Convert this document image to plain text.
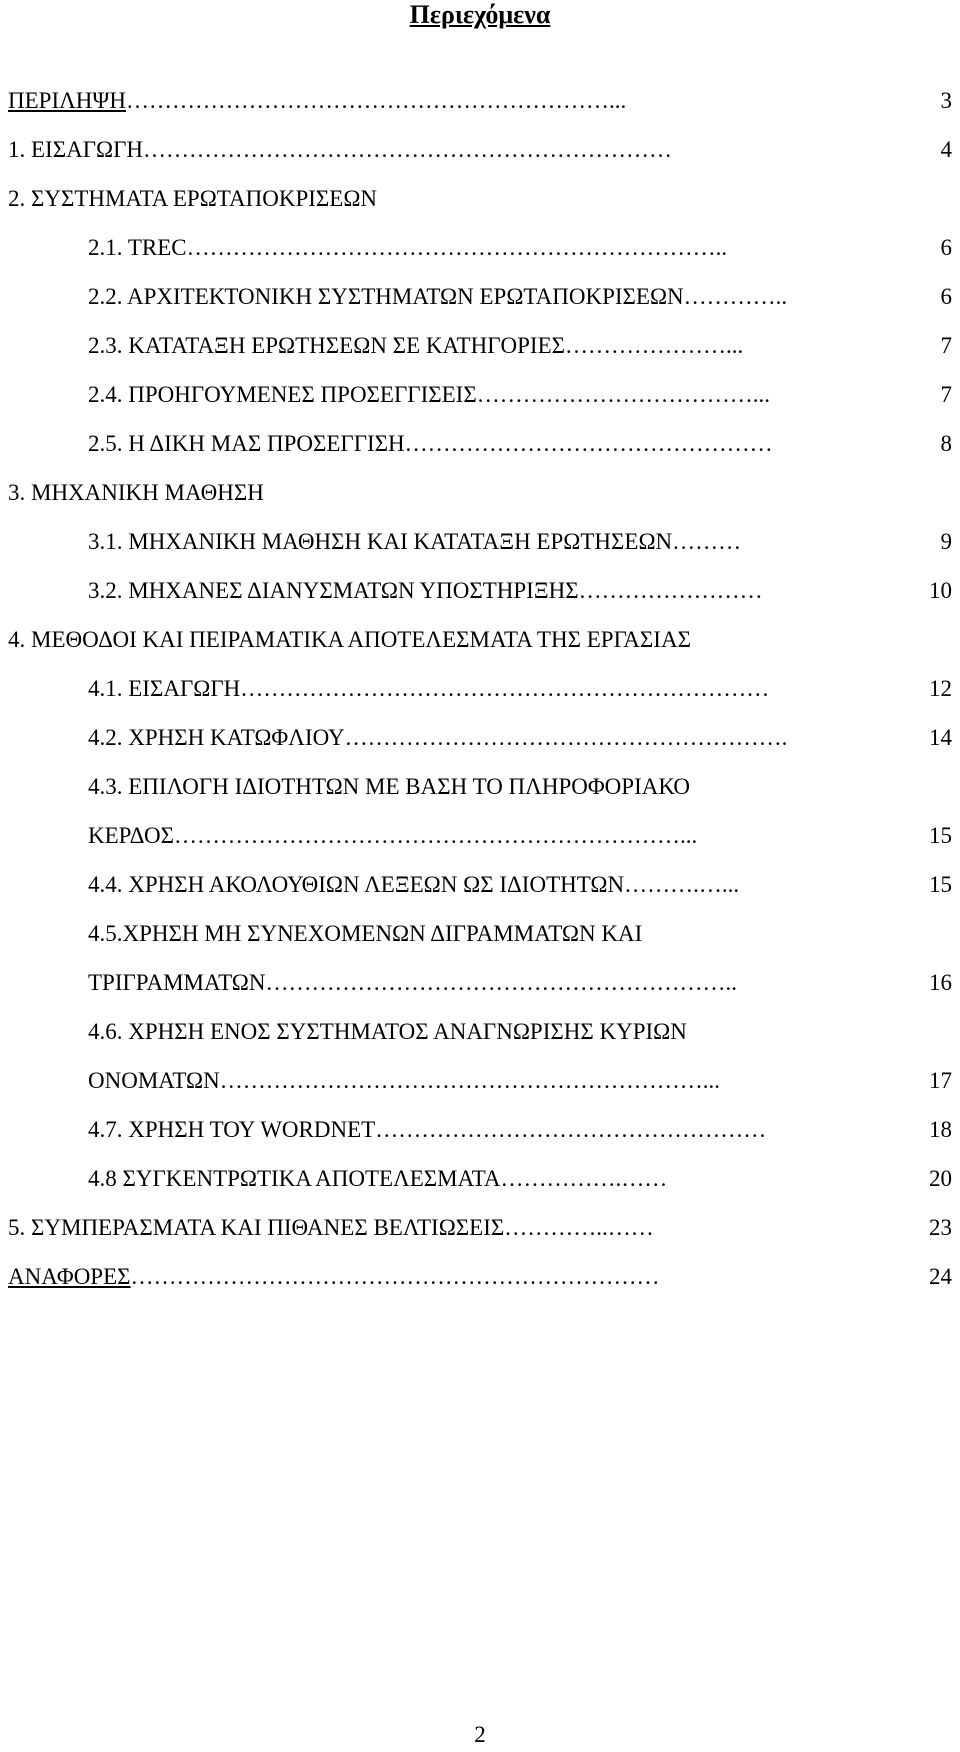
Περιεχόμενα
ΠΕΡΙΛΗΨΗ………………………………………………………...	3
1. ΕΙΣΑΓΩΓΗ……………………………………………………………	4
2. ΣΥΣΤΗΜΑΤΑ ΕΡΩΤΑΠΟΚΡΙΣΕΩΝ
2.1. TREC……………………………………………………………..	6
2.2. ΑΡΧΙΤΕΚΤΟΝΙΚΗ ΣΥΣΤΗΜΑΤΩΝ ΕΡΩΤΑΠΟΚΡΙΣΕΩΝ…………..	6
2.3. ΚΑΤΑΤΑΞΗ ΕΡΩΤΗΣΕΩΝ ΣΕ ΚΑΤΗΓΟΡΙΕΣ…………………...	7
2.4. ΠΡΟΗΓΟΥΜΕΝΕΣ ΠΡΟΣΕΓΓΙΣΕΙΣ………………………………...	7
2.5. Η ΔΙΚΗ ΜΑΣ ΠΡΟΣΕΓΓΙΣΗ…………………………………………	8
3. ΜΗΧΑΝΙΚΗ ΜΑΘΗΣΗ
3.1. ΜΗΧΑΝΙΚΗ ΜΑΘΗΣΗ ΚΑΙ ΚΑΤΑΤΑΞΗ ΕΡΩΤΗΣΕΩΝ………	9
3.2. ΜΗΧΑΝΕΣ ΔΙΑΝΥΣΜΑΤΩΝ ΥΠΟΣΤΗΡΙΞΗΣ……………………	10
4. ΜΕΘΟΔΟΙ ΚΑΙ ΠΕΙΡΑΜΑΤΙΚΑ ΑΠΟΤΕΛΕΣΜΑΤΑ ΤΗΣ ΕΡΓΑΣΙΑΣ
4.1. ΕΙΣΑΓΩΓΗ……………………………………………………………	12
4.2. ΧΡΗΣΗ ΚΑΤΩΦΛΙΟΥ………………………………………………….	14
4.3. ΕΠΙΛΟΓΗ ΙΔΙΟΤΗΤΩΝ ΜΕ ΒΑΣΗ ΤΟ ΠΛΗΡΟΦΟΡΙΑΚΟ
ΚΕΡΔΟΣ…………………………………………………………...	15
4.4. ΧΡΗΣΗ ΑΚΟΛΟΥΘΙΩΝ ΛΕΞΕΩΝ ΩΣ ΙΔΙΟΤΗΤΩΝ……….…...	15
4.5.ΧΡΗΣΗ ΜΗ ΣΥΝΕΧΟΜΕΝΩΝ ΔΙΓΡΑΜΜΑΤΩΝ ΚΑΙ
ΤΡΙΓΡΑΜΜΑΤΩΝ……………………………………………………..	16
4.6. ΧΡΗΣΗ ΕΝΟΣ ΣΥΣΤΗΜΑΤΟΣ ΑΝΑΓΝΩΡΙΣΗΣ ΚΥΡΙΩΝ
ΟΝΟΜΑΤΩΝ………………………………………………………...	17
4.7. ΧΡΗΣΗ ΤΟΥ WORDNET……………………………………………	18
4.8 ΣΥΓΚΕΝΤΡΩΤΙΚΑ ΑΠΟΤΕΛΕΣΜΑΤΑ…………….……	20
5. ΣΥΜΠΕΡΑΣΜΑΤΑ ΚΑΙ ΠΙΘΑΝΕΣ ΒΕΛΤΙΩΣΕΙΣ…………..……	23
ΑΝΑΦΟΡΕΣ……………………………………………………………	24
2
